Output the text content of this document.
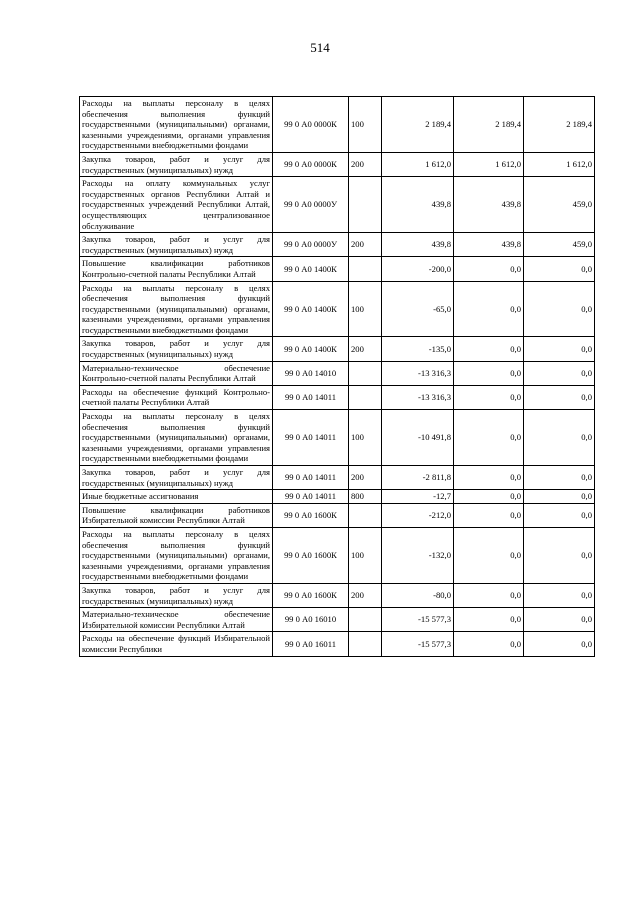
514
Расходы на выплаты персоналу в целях обеспечения выполнения функций государственными (муниципальными) органами, казенными учреждениями, органами управления государственными внебюджетными фондами	99 0 А0 0000К	100	2 189,4	2 189,4	2 189,4
Закупка товаров, работ и услуг для государственных (муниципальных) нужд	99 0 А0 0000К	200	1 612,0	1 612,0	1 612,0
Расходы на оплату коммунальных услуг государственных органов Республики Алтай и государственных учреждений Республики Алтай, осуществляющих централизованное обслуживание	99 0 А0 0000У		439,8	439,8	459,0
Закупка товаров, работ и услуг для государственных (муниципальных) нужд	99 0 А0 0000У	200	439,8	439,8	459,0
Повышение квалификации работников Контрольно-счетной палаты Республики Алтай	99 0 А0 1400К		-200,0	0,0	0,0
Расходы на выплаты персоналу в целях обеспечения выполнения функций государственными (муниципальными) органами, казенными учреждениями, органами управления государственными внебюджетными фондами	99 0 А0 1400К	100	-65,0	0,0	0,0
Закупка товаров, работ и услуг для государственных (муниципальных) нужд	99 0 А0 1400К	200	-135,0	0,0	0,0
Материально-техническое обеспечение Контрольно-счетной палаты Республики Алтай	99 0 А0 14010		-13 316,3	0,0	0,0
Расходы на обеспечение функций Контрольно-счетной палаты Республики Алтай	99 0 А0 14011		-13 316,3	0,0	0,0
Расходы на выплаты персоналу в целях обеспечения выполнения функций государственными (муниципальными) органами, казенными учреждениями, органами управления государственными внебюджетными фондами	99 0 А0 14011	100	-10 491,8	0,0	0,0
Закупка товаров, работ и услуг для государственных (муниципальных) нужд	99 0 А0 14011	200	-2 811,8	0,0	0,0
Иные бюджетные ассигнования	99 0 А0 14011	800	-12,7	0,0	0,0
Повышение квалификации работников Избирательной комиссии Республики Алтай	99 0 А0 1600К		-212,0	0,0	0,0
Расходы на выплаты персоналу в целях обеспечения выполнения функций государственными (муниципальными) органами, казенными учреждениями, органами управления государственными внебюджетными фондами	99 0 А0 1600К	100	-132,0	0,0	0,0
Закупка товаров, работ и услуг для государственных (муниципальных) нужд	99 0 А0 1600К	200	-80,0	0,0	0,0
Материально-техническое обеспечение Избирательной комиссии Республики Алтай	99 0 А0 16010		-15 577,3	0,0	0,0
Расходы на обеспечение функций Избирательной комиссии Республики	99 0 А0 16011		-15 577,3	0,0	0,0
